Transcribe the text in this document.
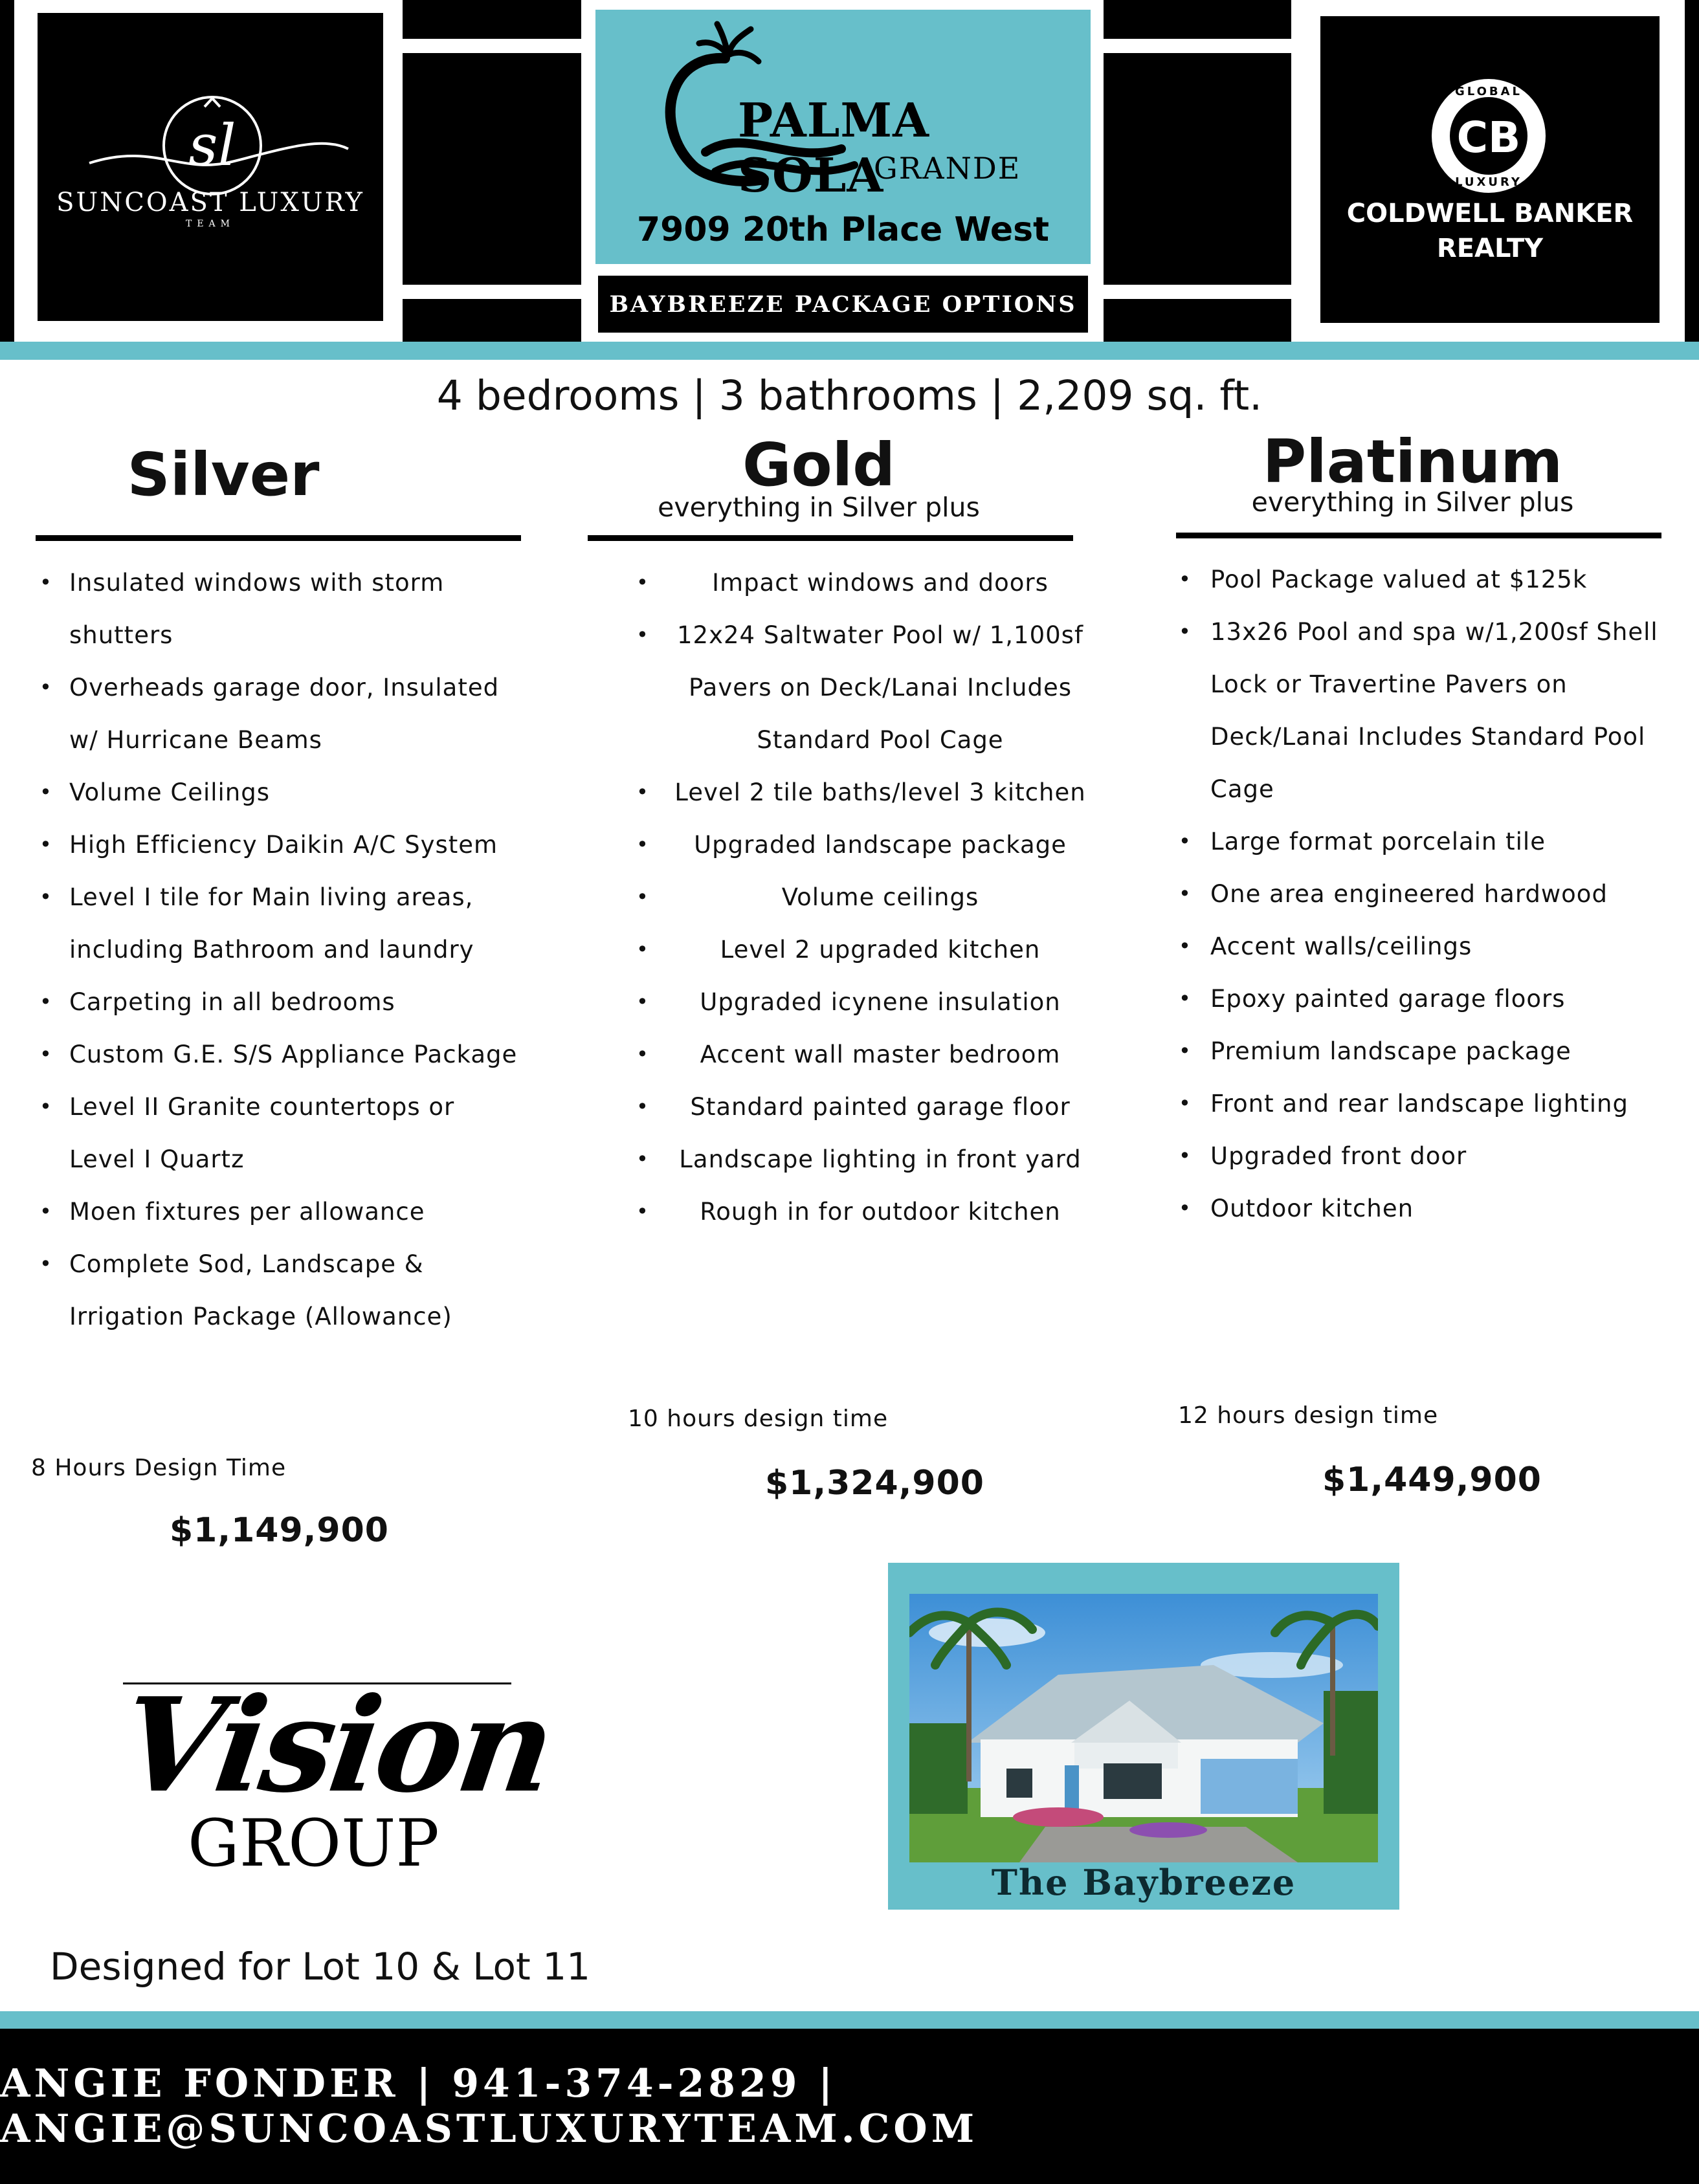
sl
SUNCOAST LUXURY
TEAM
PALMA SOLA
GRANDE
7909 20th Place West
BAYBREEZE PACKAGE OPTIONS
CB
GLOBAL
LUXURY
COLDWELL BANKER
REALTY
4 bedrooms | 3 bathrooms | 2,209 sq. ft.
Silver	Gold
everything in Silver plus
Platinum
everything in Silver plus
• Insulated windows with storm shutters
• Overheads garage door, Insulated w/ Hurricane Beams
• Volume Ceilings
• High Efficiency Daikin A/C System
• Level I tile for Main living areas, including Bathroom and laundry
• Carpeting in all bedrooms
• Custom G.E. S/S Appliance Package
• Level II Granite countertops or Level I Quartz
• Moen fixtures per allowance
• Complete Sod, Landscape & Irrigation Package (Allowance)
•	Impact windows and doors
• 12x24 Saltwater Pool w/ 1,100sf Pavers on Deck/Lanai Includes Standard Pool Cage
• Level 2 tile baths/level 3 kitchen
• Upgraded landscape package
•	Volume ceilings
•	Level 2 upgraded kitchen
• Upgraded icynene insulation
• Accent wall master bedroom
• Standard painted garage floor
• Landscape lighting in front yard
• Rough in for outdoor kitchen
• Pool Package valued at $125k
• 13x26 Pool and spa w/1,200sf Shell Lock or Travertine Pavers on Deck/Lanai Includes Standard Pool Cage
• Large format porcelain tile
• One area engineered hardwood
• Accent walls/ceilings
• Epoxy painted garage floors
• Premium landscape package
• Front and rear landscape lighting
• Upgraded front door
• Outdoor kitchen
8 Hours Design Time
$1,149,900
10 hours design time
$1,324,900
12 hours design time
$1,449,900
Vision
GROUP
Designed for Lot 10 & Lot 11
The Baybreeze
ANGIE FONDER | 941-374-2829 | ANGIE@SUNCOASTLUXURYTEAM.COM
